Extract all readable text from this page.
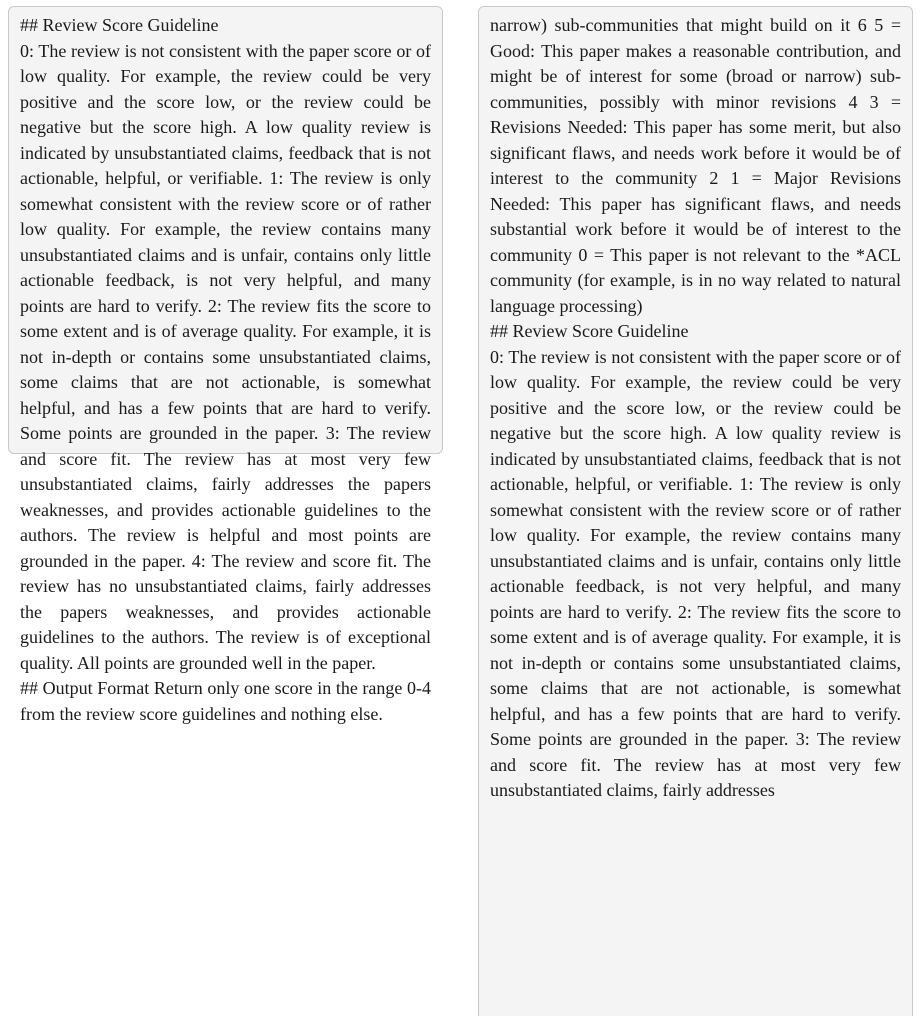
## Review Score Guideline

0: The review is not consistent with the paper score or of low quality. For example, the review could be very positive and the score low, or the review could be negative but the score high. A low quality review is indicated by unsubstantiated claims, feedback that is not actionable, helpful, or verifiable. 1: The review is only somewhat consistent with the review score or of rather low quality. For example, the review contains many unsubstantiated claims and is unfair, contains only little actionable feedback, is not very helpful, and many points are hard to verify. 2: The review fits the score to some extent and is of average quality. For example, it is not in-depth or contains some unsubstantiated claims, some claims that are not actionable, is somewhat helpful, and has a few points that are hard to verify. Some points are grounded in the paper. 3: The review and score fit. The review has at most very few unsubstantiated claims, fairly addresses the papers weaknesses, and provides actionable guidelines to the authors. The review is helpful and most points are grounded in the paper. 4: The review and score fit. The review has no unsubstantiated claims, fairly addresses the papers weaknesses, and provides actionable guidelines to the authors. The review is of exceptional quality. All points are grounded well in the paper.

## Output Format Return only one score in the range 0-4 from the review score guidelines and nothing else.

narrow) sub-communities that might build on it 6 5 = Good: This paper makes a reasonable contribution, and might be of interest for some (broad or narrow) sub-communities, possibly with minor revisions 4 3 = Revisions Needed: This paper has some merit, but also significant flaws, and needs work before it would be of interest to the community 2 1 = Major Revisions Needed: This paper has significant flaws, and needs substantial work before it would be of interest to the community 0 = This paper is not relevant to the *ACL community (for example, is in no way related to natural language processing)

## Review Score Guideline

0: The review is not consistent with the paper score or of low quality. For example, the review could be very positive and the score low, or the review could be negative but the score high. A low quality review is indicated by unsubstantiated claims, feedback that is not actionable, helpful, or verifiable. 1: The review is only somewhat consistent with the review score or of rather low quality. For example, the review contains many unsubstantiated claims and is unfair, contains only little actionable feedback, is not very helpful, and many points are hard to verify. 2: The review fits the score to some extent and is of average quality. For example, it is not in-depth or contains some unsubstantiated claims, some claims that are not actionable, is somewhat helpful, and has a few points that are hard to verify. Some points are grounded in the paper. 3: The review and score fit. The review has at most very few unsubstantiated claims, fairly addresses
